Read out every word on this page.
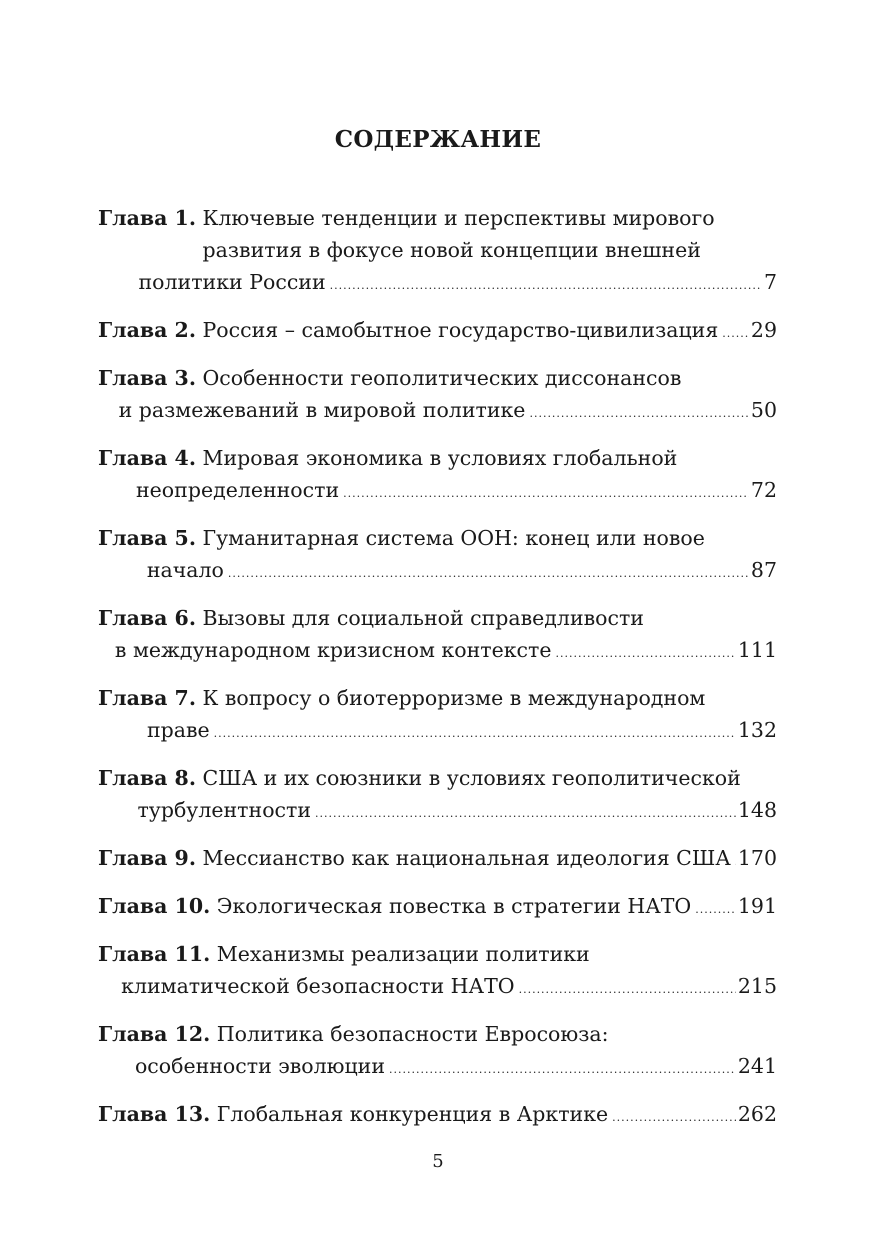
СОДЕРЖАНИЕ
Глава 1. Ключевые тенденции и перспективы мирового
развития в фокусе новой концепции внешней
политики России .....	7
Глава 2.
Россия – самобытное государство-цивилизация ..... 29
Глава 3. Особенности геополитических диссонансов
и размежеваний в мировой политике .....	50
Глава 4. Мировая экономика в условиях глобальной
неопределенности .....	72
Глава 5. Гуманитарная система ООН: конец или новое
начало .....	87
Глава 6. Вызовы для социальной справедливости
в международном кризисном контексте .....	111
Глава 7. К вопросу о биотерроризме в международном
праве .....	132
Глава 8. США и их союзники в условиях геополитической
турбулентности .....	148
Глава 9.
Мессианство как национальная идеология США ..... 170
Глава 10.
Экологическая повестка в стратегии НАТО ..... 191
Глава 11. Механизмы реализации политики
климатической безопасности НАТО .....	215
Глава 12. Политика безопасности Евросоюза:
особенности эволюции .....	241
Глава 13.
Глобальная конкуренция в Арктике .....	262
5
